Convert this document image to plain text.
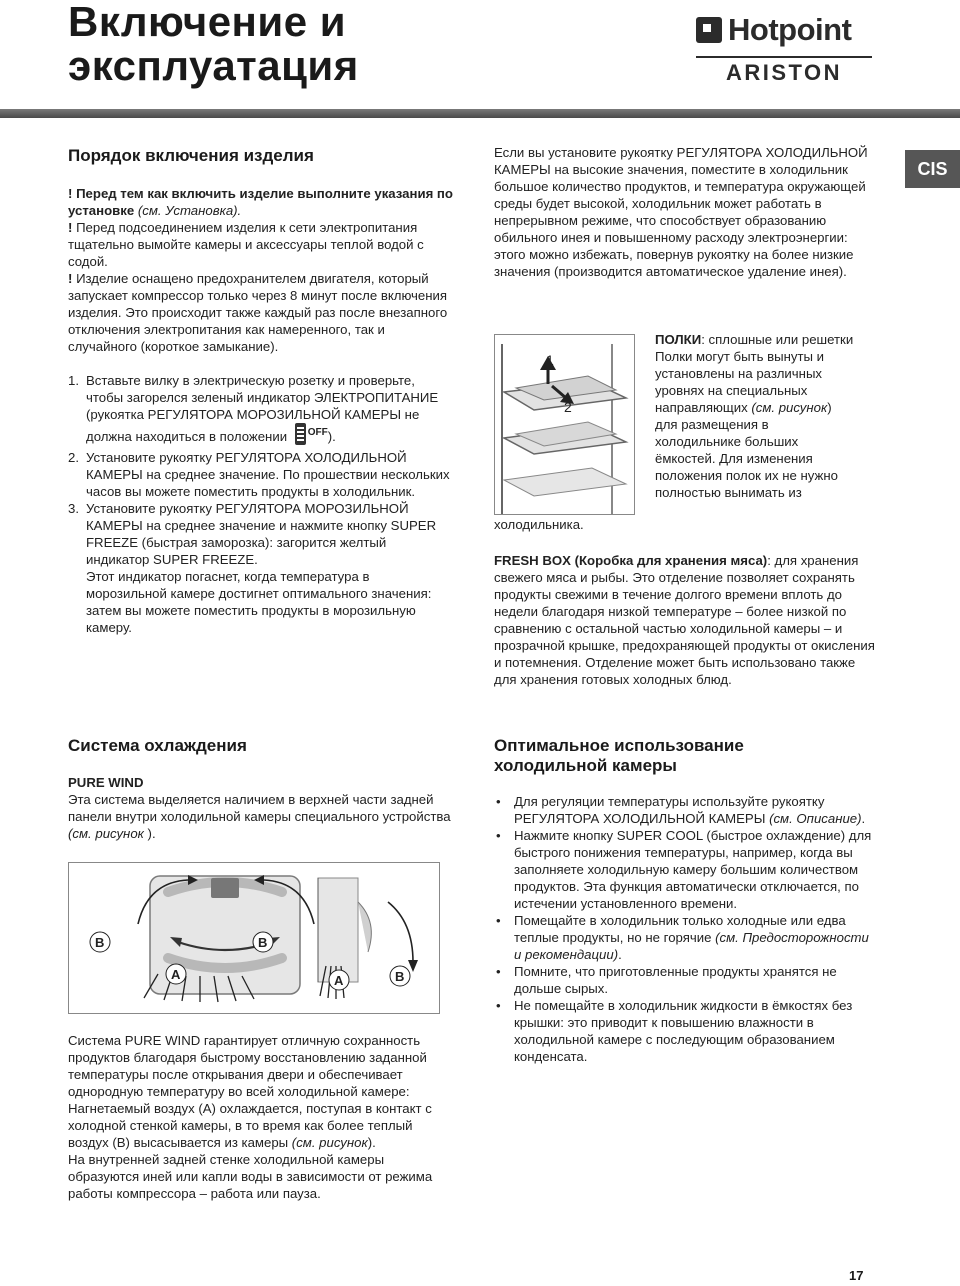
Включение и
эксплуатация
Hotpoint
ARISTON
CIS
Порядок включения изделия

! Перед тем как включить изделие выполните указания по установке (см. Установка).

! Перед подсоединением изделия к сети электропитания тщательно вымойте камеры и аксессуары теплой водой с содой.

! Изделие оснащено предохранителем двигателя, который запускает компрессор только через 8 минут после включения изделия. Это происходит также каждый раз после внезапного отключения электропитания как намеренного, так и случайного (короткое замыкание).

1. Вставьте вилку в электрическую розетку и проверьте, чтобы загорелся зеленый индикатор ЭЛЕКТРОПИТАНИЕ (рукоятка РЕГУЛЯТОРА МОРОЗИЛЬНОЙ КАМЕРЫ не должна находиться в положении $^{OFF}$).
2. Установите рукоятку РЕГУЛЯТОРА ХОЛОДИЛЬНОЙ КАМЕРЫ на среднее значение. По прошествии нескольких часов вы можете поместить продукты в холодильник.
3. Установите рукоятку РЕГУЛЯТОРА МОРОЗИЛЬНОЙ КАМЕРЫ на среднее значение и нажмите кнопку SUPER FREEZE (быстрая заморозка): загорится желтый индикатор SUPER FREEZE.
Этот индикатор погаснет, когда температура в морозильной камере достигнет оптимального значения: затем вы можете поместить продукты в морозильную камеру.
Система охлаждения

PURE WIND

Эта система выделяется наличием в верхней части задней панели внутри холодильной камеры специального устройства (см. рисунок ).

B	B
A	A	B

Система PURE WIND гарантирует отличную сохранность продуктов благодаря быстрому восстановлению заданной температуры после открывания двери и обеспечивает однородную температуру во всей холодильной камере: Нагнетаемый воздух (A) охлаждается, поступая в контакт с холодной стенкой камеры, в то время как более теплый воздух (B) высасывается из камеры (см. рисунок).

На внутренней задней стенке холодильной камеры образуются иней или капли воды в зависимости от режима работы компрессора – работа или пауза.

Если вы установите рукоятку РЕГУЛЯТОРА ХОЛОДИЛЬНОЙ КАМЕРЫ на высокие значения, поместите в холодильник большое количество продуктов, и температура окружающей среды будет высокой, холодильник может работать в непрерывном режиме, что способствует образованию обильного инея и повышенному расходу электроэнергии: этого можно избежать, повернув рукоятку на более низкие значения (производится автоматическое удаление инея).

1
2

ПОЛКИ: сплошные или решетки

Полки могут быть вынуты и установлены на различных уровнях на специальных направляющих (см. рисунок) для размещения в холодильнике больших ёмкостей. Для изменения положения полок их не нужно полностью вынимать из

холодильника.

FRESH BOX (Коробка для хранения мяса): для хранения свежего мяса и рыбы. Это отделение позволяет сохранять продукты свежими в течение долгого времени вплоть до недели благодаря низкой температуре – более низкой по сравнению с остальной частью холодильной камеры – и прозрачной крышке, предохраняющей продукты от окисления и потемнения. Отделение может быть использовано также для хранения готовых холодных блюд.

Оптимальное использование
холодильной камеры
•	Для регуляции температуры используйте рукоятку РЕГУЛЯТОРА ХОЛОДИЛЬНОЙ КАМЕРЫ (см. Описание).
•	Нажмите кнопку SUPER COOL (быстрое охлаждение) для быстрого понижения температуры, например, когда вы заполняете холодильную камеру большим количеством продуктов. Эта функция автоматически отключается, по истечении установленного времени.
•	Помещайте в холодильник только холодные или едва теплые продукты, но не горячие (см. Предосторожности и рекомендации).
•	Помните, что приготовленные продукты хранятся не дольше сырых.
•	Не помещайте в холодильник жидкости в ёмкостях без крышки: это приводит к повышению влажности в холодильной камере с последующим образованием конденсата.
17
